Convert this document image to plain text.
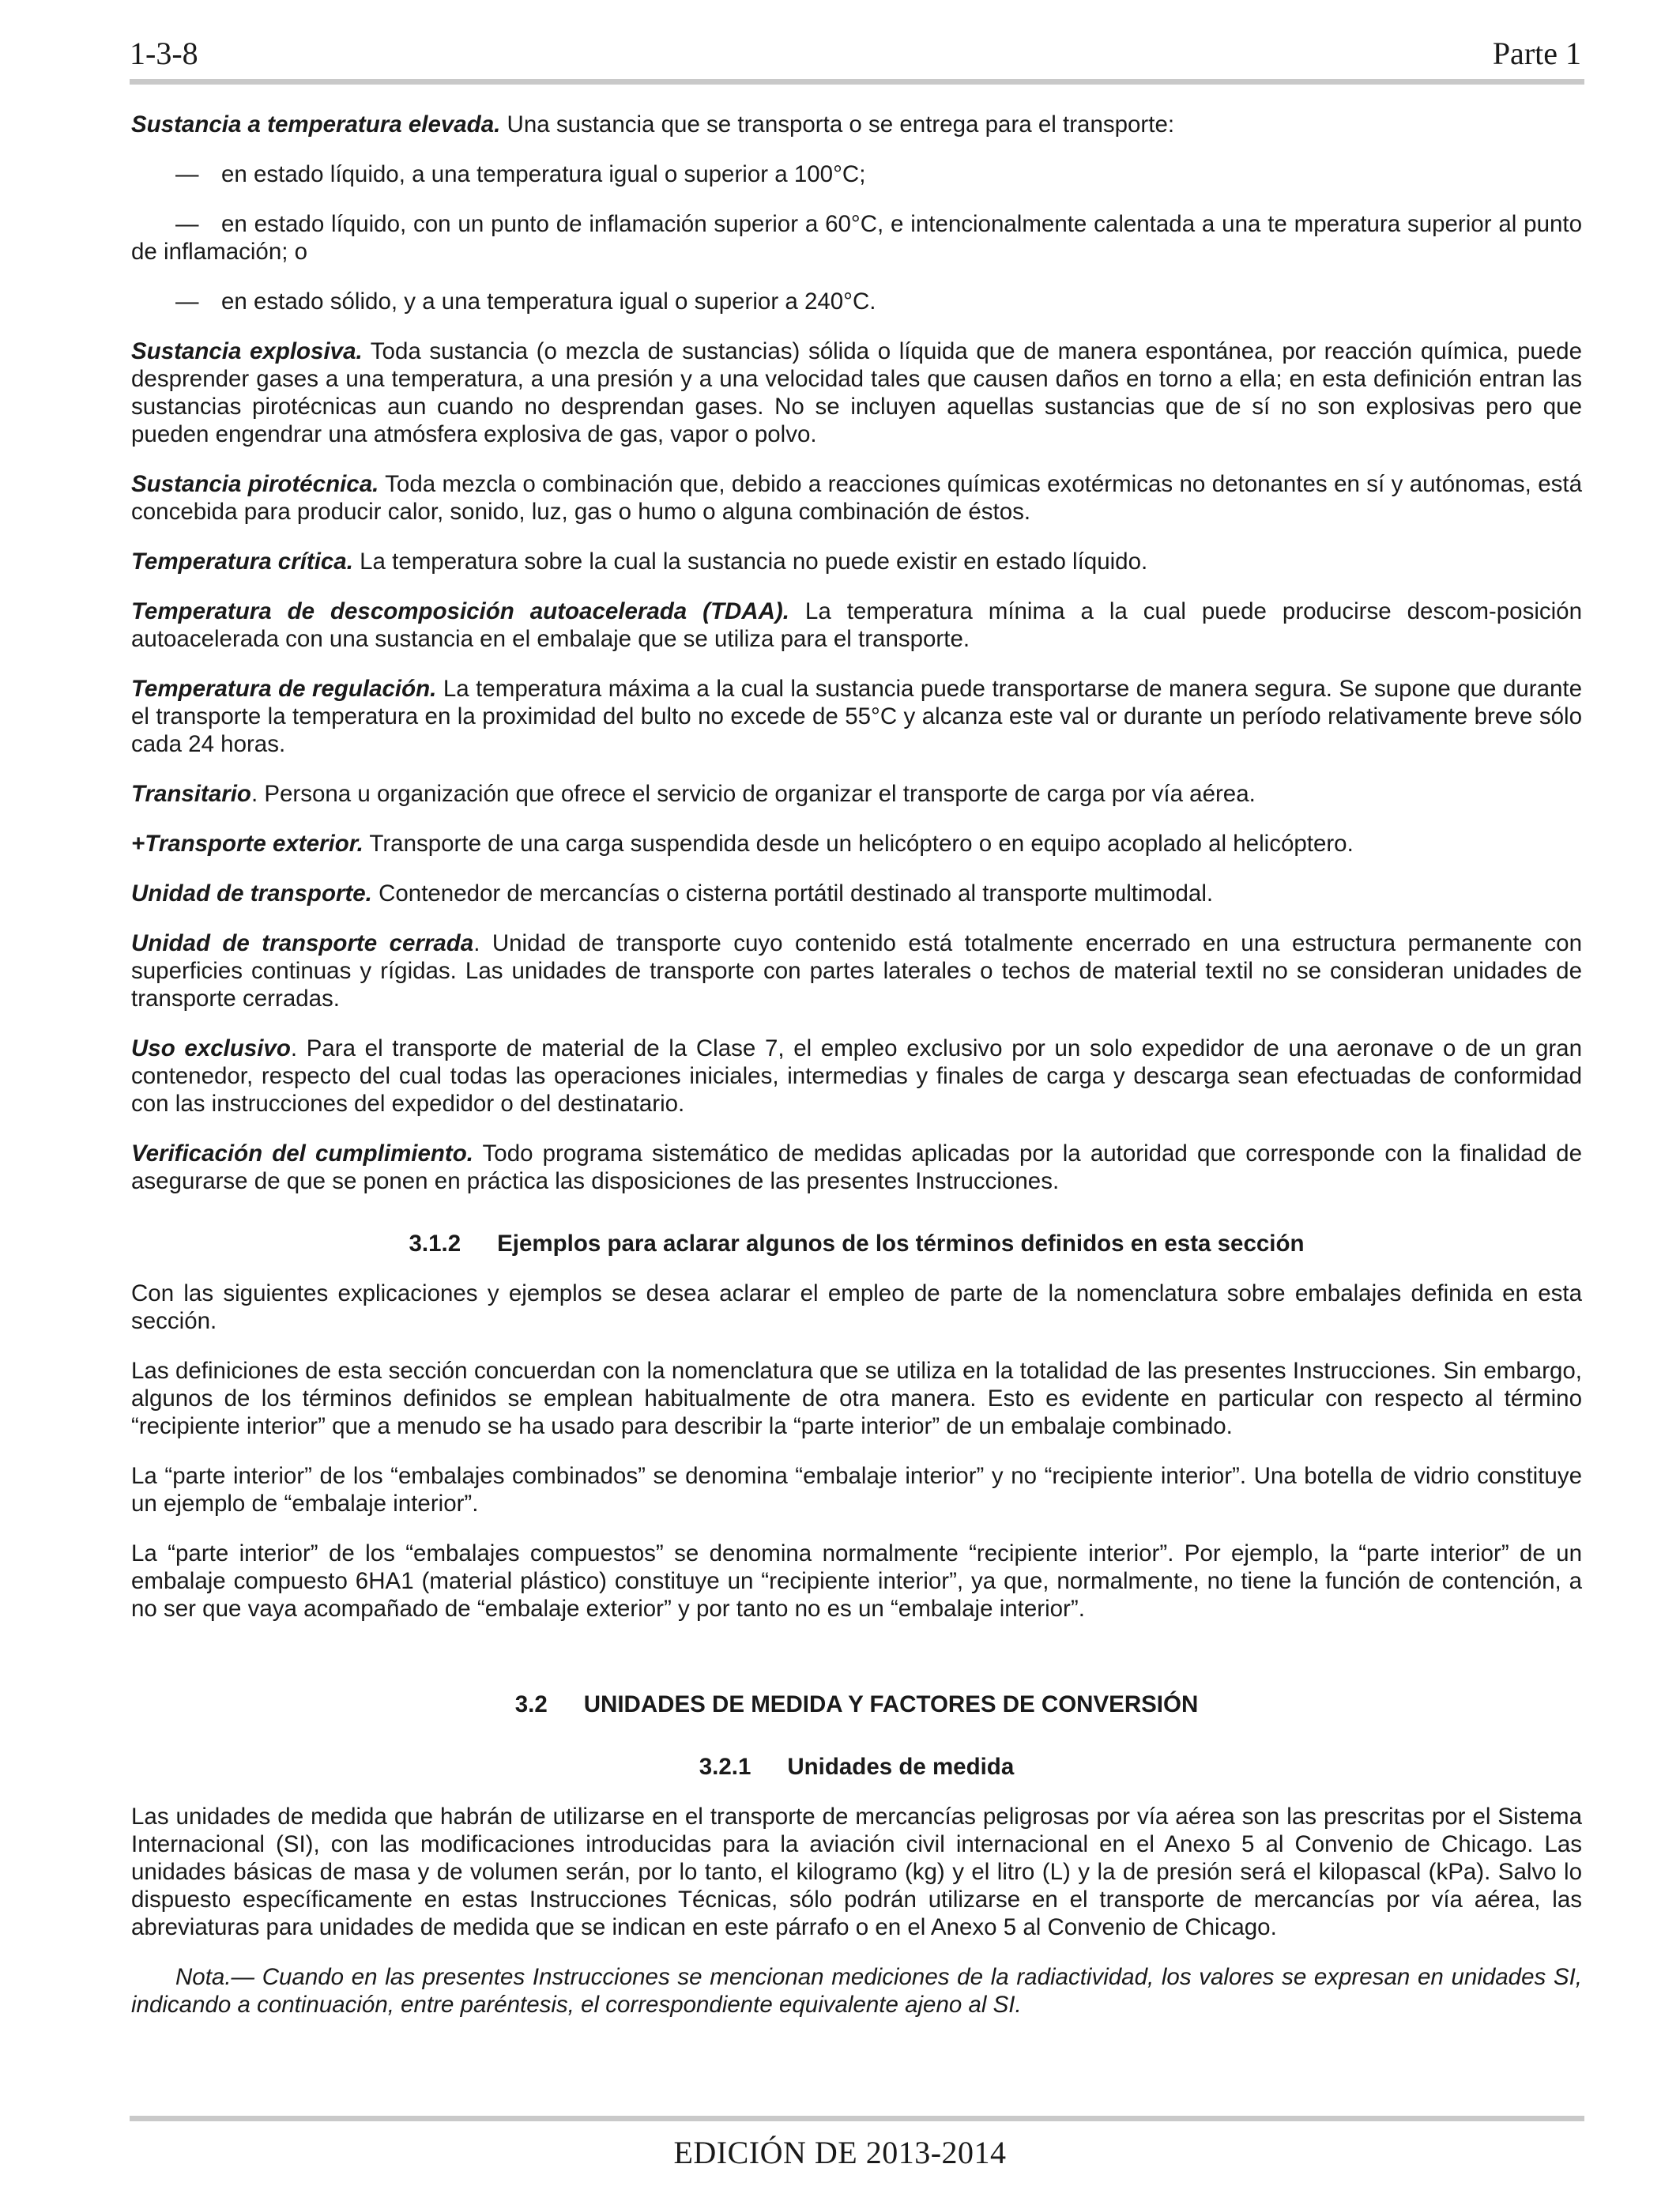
1-3-8	Parte 1

Sustancia a temperatura elevada. Una sustancia que se transporta o se entrega para el transporte:

— en estado líquido, a una temperatura igual o superior a 100°C;

— en estado líquido, con un punto de inflamación superior a 60°C, e intencionalmente calentada a una te mperatura superior al punto de inflamación; o

— en estado sólido, y a una temperatura igual o superior a 240°C.

Sustancia explosiva. Toda sustancia (o mezcla de sustancias) sólida o líquida que de manera espontánea, por reacción química, puede desprender gases a una temperatura, a una presión y a una velocidad tales que causen daños en torno a ella; en esta definición entran las sustancias pirotécnicas aun cuando no desprendan gases. No se incluyen aquellas sustancias que de sí no son explosivas pero que pueden engendrar una atmósfera explosiva de gas, vapor o polvo.

Sustancia pirotécnica. Toda mezcla o combinación que, debido a reacciones químicas exotérmicas no detonantes en sí y autónomas, está concebida para producir calor, sonido, luz, gas o humo o alguna combinación de éstos.

Temperatura crítica. La temperatura sobre la cual la sustancia no puede existir en estado líquido.

Temperatura de descomposición autoacelerada (TDAA). La temperatura mínima a la cual puede producirse descom-posición autoacelerada con una sustancia en el embalaje que se utiliza para el transporte.

Temperatura de regulación. La temperatura máxima a la cual la sustancia puede transportarse de manera segura. Se supone que durante el transporte la temperatura en la proximidad del bulto no excede de 55°C y alcanza este val or durante un período relativamente breve sólo cada 24 horas.

Transitario. Persona u organización que ofrece el servicio de organizar el transporte de carga por vía aérea.

+Transporte exterior. Transporte de una carga suspendida desde un helicóptero o en equipo acoplado al helicóptero.

Unidad de transporte. Contenedor de mercancías o cisterna portátil destinado al transporte multimodal.

Unidad de transporte cerrada. Unidad de transporte cuyo contenido está totalmente encerrado en una estructura permanente con superficies continuas y rígidas. Las unidades de transporte con partes laterales o techos de material textil no se consideran unidades de transporte cerradas.

Uso exclusivo. Para el transporte de material de la Clase 7, el empleo exclusivo por un solo expedidor de una aeronave o de un gran contenedor, respecto del cual todas las operaciones iniciales, intermedias y finales de carga y descarga sean efectuadas de conformidad con las instrucciones del expedidor o del destinatario.

Verificación del cumplimiento. Todo programa sistemático de medidas aplicadas por la autoridad que corresponde con la finalidad de asegurarse de que se ponen en práctica las disposiciones de las presentes Instrucciones.

3.1.2 Ejemplos para aclarar algunos de los términos definidos en esta sección

Con las siguientes explicaciones y ejemplos se desea aclarar el empleo de parte de la nomenclatura sobre embalajes definida en esta sección.

Las definiciones de esta sección concuerdan con la nomenclatura que se utiliza en la totalidad de las presentes Instrucciones. Sin embargo, algunos de los términos definidos se emplean habitualmente de otra manera. Esto es evidente en particular con respecto al término “recipiente interior” que a menudo se ha usado para describir la “parte interior” de un embalaje combinado.

La “parte interior” de los “embalajes combinados” se denomina “embalaje interior” y no “recipiente interior”. Una botella de vidrio constituye un ejemplo de “embalaje interior”.

La “parte interior” de los “embalajes compuestos” se denomina normalmente “recipiente interior”. Por ejemplo, la “parte interior” de un embalaje compuesto 6HA1 (material plástico) constituye un “recipiente interior”, ya que, normalmente, no tiene la función de contención, a no ser que vaya acompañado de “embalaje exterior” y por tanto no es un “embalaje interior”.

3.2 UNIDADES DE MEDIDA Y FACTORES DE CONVERSIÓN
3.2.1 Unidades de medida

Las unidades de medida que habrán de utilizarse en el transporte de mercancías peligrosas por vía aérea son las prescritas por el Sistema Internacional (SI), con las modificaciones introducidas para la aviación civil internacional en el Anexo 5 al Convenio de Chicago. Las unidades básicas de masa y de volumen serán, por lo tanto, el kilogramo (kg) y el litro (L) y la de presión será el kilopascal (kPa). Salvo lo dispuesto específicamente en estas Instrucciones Técnicas, sólo podrán utilizarse en el transporte de mercancías por vía aérea, las abreviaturas para unidades de medida que se indican en este párrafo o en el Anexo 5 al Convenio de Chicago.

Nota.— Cuando en las presentes Instrucciones se mencionan mediciones de la radiactividad, los valores se expresan en unidades SI, indicando a continuación, entre paréntesis, el correspondiente equivalente ajeno al SI.

EDICIÓN DE 2013-2014
